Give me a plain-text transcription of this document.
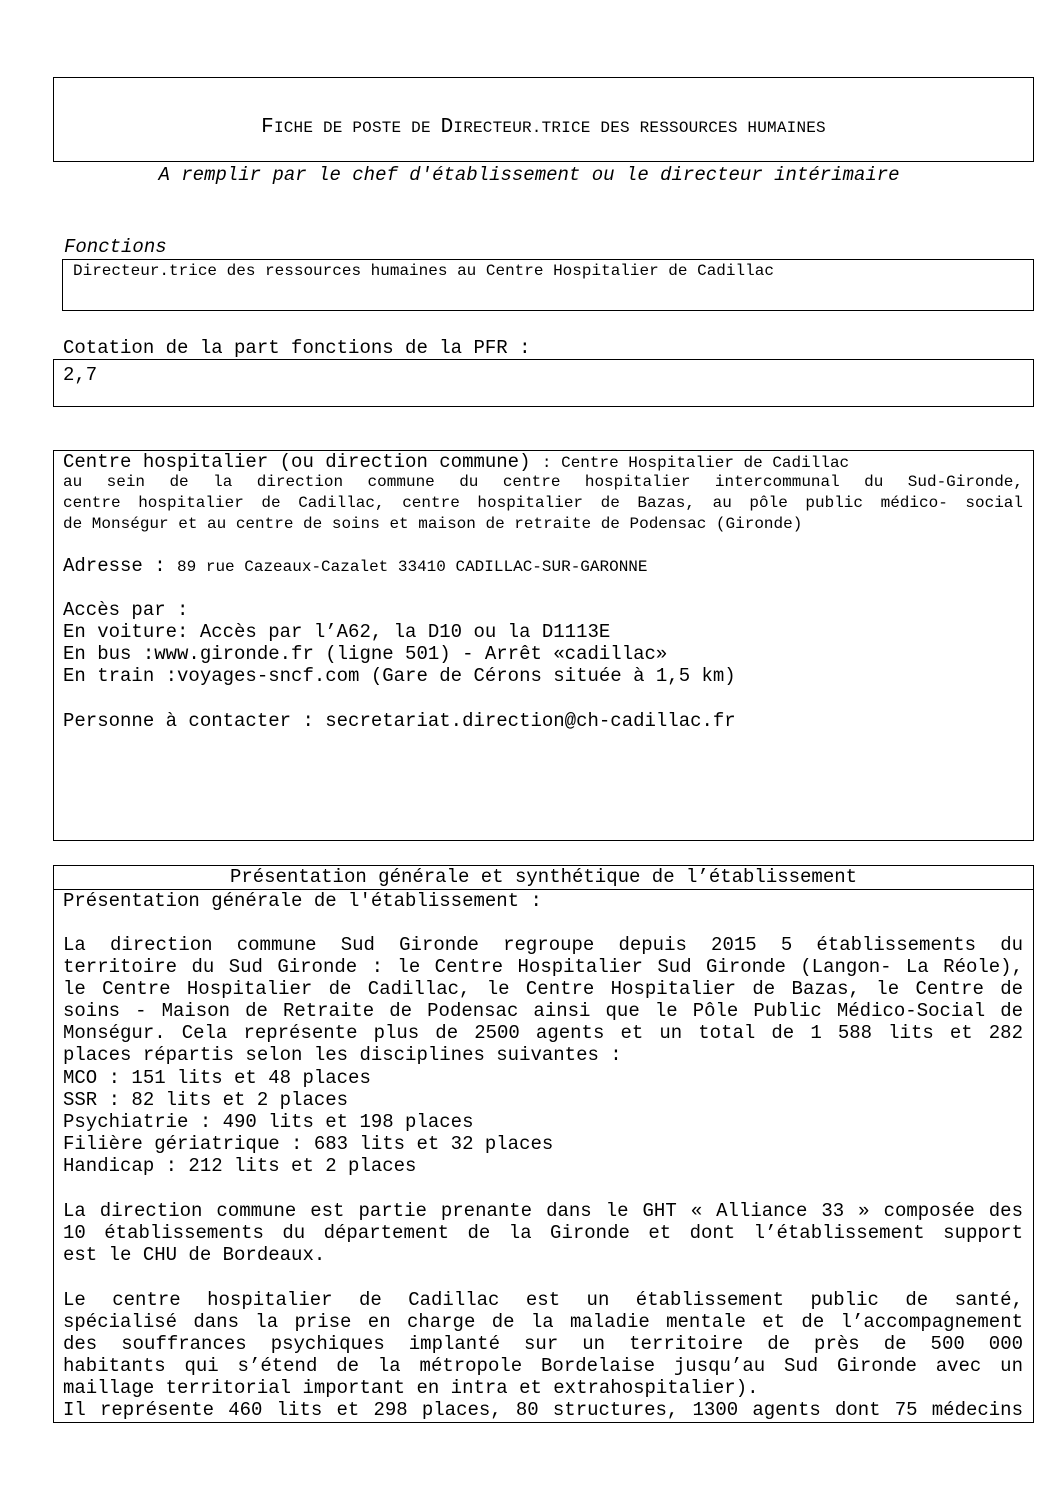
FICHE DE POSTE DE DIRECTEUR.TRICE DES RESSOURCES HUMAINES
A remplir par le chef d'établissement ou le directeur intérimaire
Fonctions
Directeur.trice des ressources humaines au Centre Hospitalier de Cadillac
Cotation de la part fonctions de la PFR :
2,7
Centre hospitalier (ou direction commune) : Centre Hospitalier de Cadillac
au sein de la direction commune du centre hospitalier intercommunal du Sud-Gironde,
centre hospitalier de Cadillac, centre hospitalier de Bazas, au pôle public médico- social
de Monségur et au centre de soins et maison de retraite de Podensac (Gironde)
Adresse : 89 rue Cazeaux-Cazalet 33410 CADILLAC-SUR-GARONNE
Accès par :
En voiture: Accès par l’A62, la D10 ou la D1113E
En bus :www.gironde.fr (ligne 501) - Arrêt «cadillac»
En train :voyages-sncf.com (Gare de Cérons située à 1,5 km)
Personne à contacter : secretariat.direction@ch-cadillac.fr
Présentation générale et synthétique de l’établissement
Présentation générale de l'établissement :
La direction commune Sud Gironde regroupe depuis 2015 5 établissements du
territoire du Sud Gironde : le Centre Hospitalier Sud Gironde (Langon- La Réole),
le Centre Hospitalier de Cadillac, le Centre Hospitalier de Bazas, le Centre de
soins - Maison de Retraite de Podensac ainsi que le Pôle Public Médico-Social de
Monségur. Cela représente plus de 2500 agents et un total de 1 588 lits et 282
places répartis selon les disciplines suivantes :
MCO : 151 lits et 48 places
SSR : 82 lits et 2 places
Psychiatrie : 490 lits et 198 places
Filière gériatrique : 683 lits et 32 places
Handicap : 212 lits et 2 places
La direction commune est partie prenante dans le GHT « Alliance 33 » composée des
10 établissements du département de la Gironde et dont l’établissement support
est le CHU de Bordeaux.
Le centre hospitalier de Cadillac est un établissement public de santé,
spécialisé dans la prise en charge de la maladie mentale et de l’accompagnement
des souffrances psychiques implanté sur un territoire de près de 500 000
habitants qui s’étend de la métropole Bordelaise jusqu’au Sud Gironde avec un
maillage territorial important en intra et extrahospitalier).
Il représente 460 lits et 298 places, 80 structures, 1300 agents dont 75 médecins
